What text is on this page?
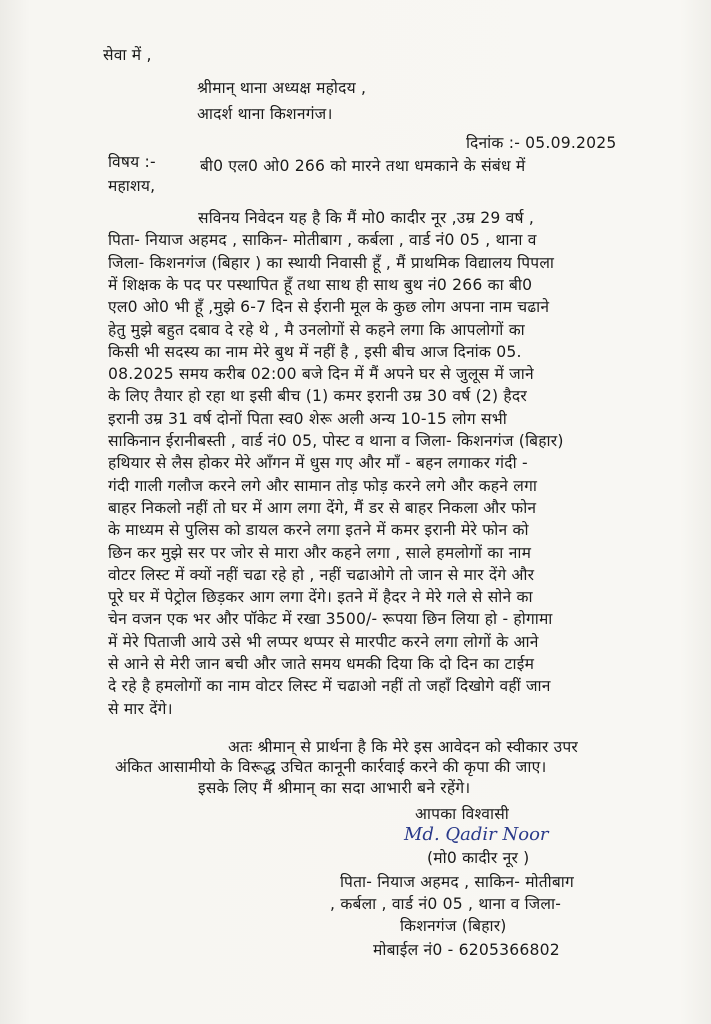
सेवा में ,
श्रीमान् थाना अध्यक्ष महोदय ,
आदर्श थाना किशनगंज।
दिनांक :- 05.09.2025
विषय :-	बी0 एल0 ओ0 266 को मारने तथा धमकाने के संबंध में
महाशय,
सविनय निवेदन यह है कि मैं मो0 कादीर नूर ,उम्र 29 वर्ष ,
पिता- नियाज अहमद , साकिन- मोतीबाग , कर्बला , वार्ड नं0 05 , थाना व
जिला- किशनगंज (बिहार ) का स्थायी निवासी हूँ , मैं प्राथमिक विद्यालय पिपला
में शिक्षक के पद पर पस्थापित हूँ तथा साथ ही साथ बुथ नं0 266 का बी0
एल0 ओ0 भी हूँ ,मुझे 6-7 दिन से ईरानी मूल के कुछ लोग अपना नाम चढाने
हेतु मुझे बहुत दबाव दे रहे थे , मै उनलोगों से कहने लगा कि आपलोगों का
किसी भी सदस्य का नाम मेरे बुथ में नहीं है , इसी बीच आज दिनांक 05.
08.2025 समय करीब 02:00 बजे दिन में मैं अपने घर से जुलूस में जाने
के लिए तैयार हो रहा था इसी बीच (1) कमर इरानी उम्र 30 वर्ष (2) हैदर
इरानी उम्र 31 वर्ष दोनों पिता स्व0 शेरू अली अन्य 10-15 लोग सभी
साकिनान ईरानीबस्ती , वार्ड नं0 05, पोस्ट व थाना व जिला- किशनगंज (बिहार)
हथियार से लैस होकर मेरे आँगन में धुस गए और माँ - बहन लगाकर गंदी -
गंदी गाली गलौज करने लगे और सामान तोड़ फोड़ करने लगे और कहने लगा
बाहर निकलो नहीं तो घर में आग लगा देंगे, मैं डर से बाहर निकला और फोन
के माध्यम से पुलिस को डायल करने लगा इतने में कमर इरानी मेरे फोन को
छिन कर मुझे सर पर जोर से मारा और कहने लगा , साले हमलोगों का नाम
वोटर लिस्ट में क्यों नहीं चढा रहे हो , नहीं चढाओगे तो जान से मार देंगे और
पूरे घर में पेट्रोल छिड़कर आग लगा देंगे। इतने में हैदर ने मेरे गले से सोने का
चेन वजन एक भर और पॉकेट में रखा 3500/- रूपया छिन लिया हो - होगामा
में मेरे पिताजी आये उसे भी लप्पर थप्पर से मारपीट करने लगा लोगों के आने
से आने से मेरी जान बची और जाते समय धमकी दिया कि दो दिन का टाईम
दे रहे है हमलोगों का नाम वोटर लिस्ट में चढाओ नहीं तो जहाँ दिखोगे वहीं जान
से मार देंगे।
अतः श्रीमान् से प्रार्थना है कि मेरे इस आवेदन को स्वीकार उपर
अंकित आसामीयो के विरूद्ध उचित कानूनी कार्रवाई करने की कृपा की जाए।
इसके लिए मैं श्रीमान् का सदा आभारी बने रहेंगे।
आपका विश्वासी
Md. Qadir Noor
(मो0 कादीर नूर )
पिता- नियाज अहमद , साकिन- मोतीबाग
, कर्बला , वार्ड नं0 05 , थाना व जिला-
किशनगंज (बिहार)
मोबाईल नं0 - 6205366802
